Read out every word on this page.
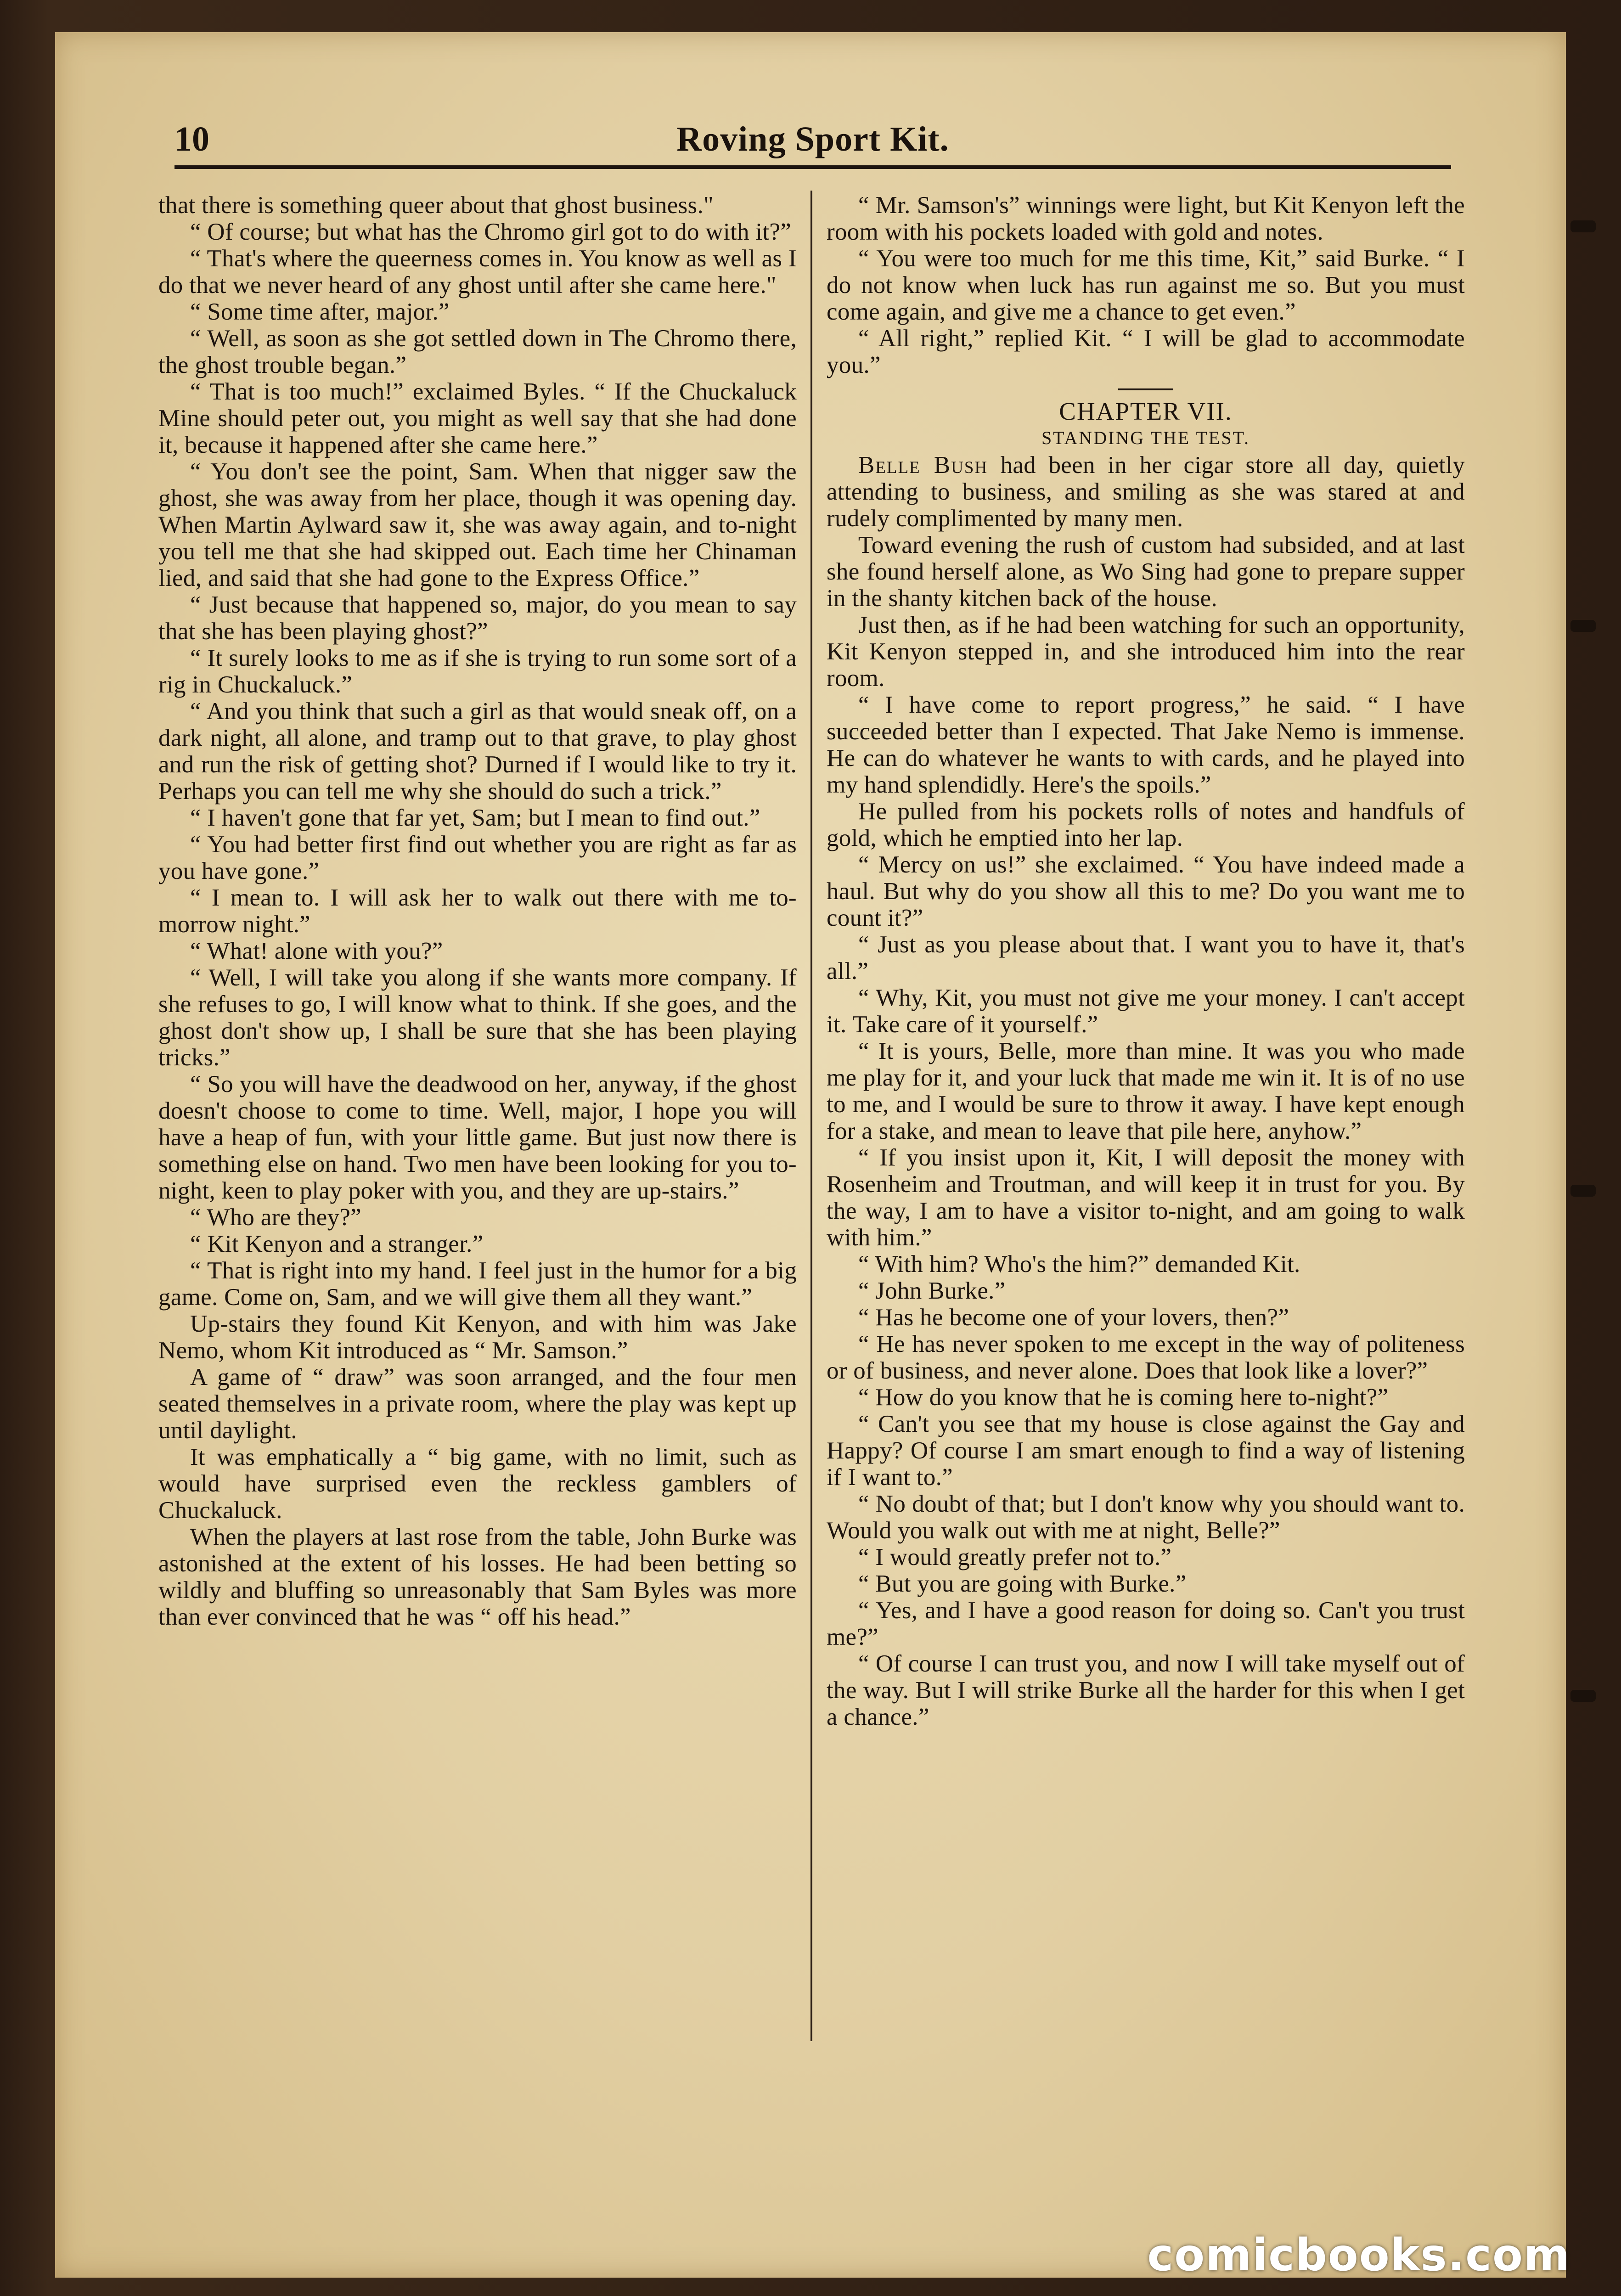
10	Roving Sport Kit.

that there is something queer about that ghost business."

“ Of course; but what has the Chromo girl got to do with it?”

“ That's where the queerness comes in. You know as well as I do that we never heard of any ghost until after she came here."

“ Some time after, major.”

“ Well, as soon as she got settled down in The Chromo there, the ghost trouble began.”

“ That is too much!” exclaimed Byles. “ If the Chuckaluck Mine should peter out, you might as well say that she had done it, because it happened after she came here.”

“ You don't see the point, Sam. When that nigger saw the ghost, she was away from her place, though it was opening day. When Martin Aylward saw it, she was away again, and to-night you tell me that she had skipped out. Each time her Chinaman lied, and said that she had gone to the Express Office.”

“ Just because that happened so, major, do you mean to say that she has been playing ghost?”

“ It surely looks to me as if she is trying to run some sort of a rig in Chuckaluck.”

“ And you think that such a girl as that would sneak off, on a dark night, all alone, and tramp out to that grave, to play ghost and run the risk of getting shot? Durned if I would like to try it. Perhaps you can tell me why she should do such a trick.”

“ I haven't gone that far yet, Sam; but I mean to find out.”

“ You had better first find out whether you are right as far as you have gone.”

“ I mean to. I will ask her to walk out there with me to-morrow night.”

“ What! alone with you?”

“ Well, I will take you along if she wants more company. If she refuses to go, I will know what to think. If she goes, and the ghost don't show up, I shall be sure that she has been playing tricks.”

“ So you will have the deadwood on her, anyway, if the ghost doesn't choose to come to time. Well, major, I hope you will have a heap of fun, with your little game. But just now there is something else on hand. Two men have been looking for you to-night, keen to play poker with you, and they are up-stairs.”

“ Who are they?”

“ Kit Kenyon and a stranger.”

“ That is right into my hand. I feel just in the humor for a big game. Come on, Sam, and we will give them all they want.”

Up-stairs they found Kit Kenyon, and with him was Jake Nemo, whom Kit introduced as “ Mr. Samson.”

A game of “ draw” was soon arranged, and the four men seated themselves in a private room, where the play was kept up until daylight.

It was emphatically a “ big game, with no limit, such as would have surprised even the reckless gamblers of Chuckaluck.

When the players at last rose from the table, John Burke was astonished at the extent of his losses. He had been betting so wildly and bluffing so unreasonably that Sam Byles was more than ever convinced that he was “ off his head.”

“ Mr. Samson's” winnings were light, but Kit Kenyon left the room with his pockets loaded with gold and notes.

“ You were too much for me this time, Kit,” said Burke. “ I do not know when luck has run against me so. But you must come again, and give me a chance to get even.”

“ All right,” replied Kit. “ I will be glad to accommodate you.”

CHAPTER VII.
STANDING THE TEST.

Belle Bush had been in her cigar store all day, quietly attending to business, and smiling as she was stared at and rudely complimented by many men.

Toward evening the rush of custom had subsided, and at last she found herself alone, as Wo Sing had gone to prepare supper in the shanty kitchen back of the house.

Just then, as if he had been watching for such an opportunity, Kit Kenyon stepped in, and she introduced him into the rear room.

“ I have come to report progress,” he said. “ I have succeeded better than I expected. That Jake Nemo is immense. He can do whatever he wants to with cards, and he played into my hand splendidly. Here's the spoils.”

He pulled from his pockets rolls of notes and handfuls of gold, which he emptied into her lap.

“ Mercy on us!” she exclaimed. “ You have indeed made a haul. But why do you show all this to me? Do you want me to count it?”

“ Just as you please about that. I want you to have it, that's all.”

“ Why, Kit, you must not give me your money. I can't accept it. Take care of it yourself.”

“ It is yours, Belle, more than mine. It was you who made me play for it, and your luck that made me win it. It is of no use to me, and I would be sure to throw it away. I have kept enough for a stake, and mean to leave that pile here, anyhow.”

“ If you insist upon it, Kit, I will deposit the money with Rosenheim and Troutman, and will keep it in trust for you. By the way, I am to have a visitor to-night, and am going to walk with him.”

“ With him? Who's the him?” demanded Kit.

“ John Burke.”

“ Has he become one of your lovers, then?”

“ He has never spoken to me except in the way of politeness or of business, and never alone. Does that look like a lover?”

“ How do you know that he is coming here to-night?”

“ Can't you see that my house is close against the Gay and Happy? Of course I am smart enough to find a way of listening if I want to.”

“ No doubt of that; but I don't know why you should want to. Would you walk out with me at night, Belle?”

“ I would greatly prefer not to.”

“ But you are going with Burke.”

“ Yes, and I have a good reason for doing so. Can't you trust me?”

“ Of course I can trust you, and now I will take myself out of the way. But I will strike Burke all the harder for this when I get a chance.”

comicbooks.com
